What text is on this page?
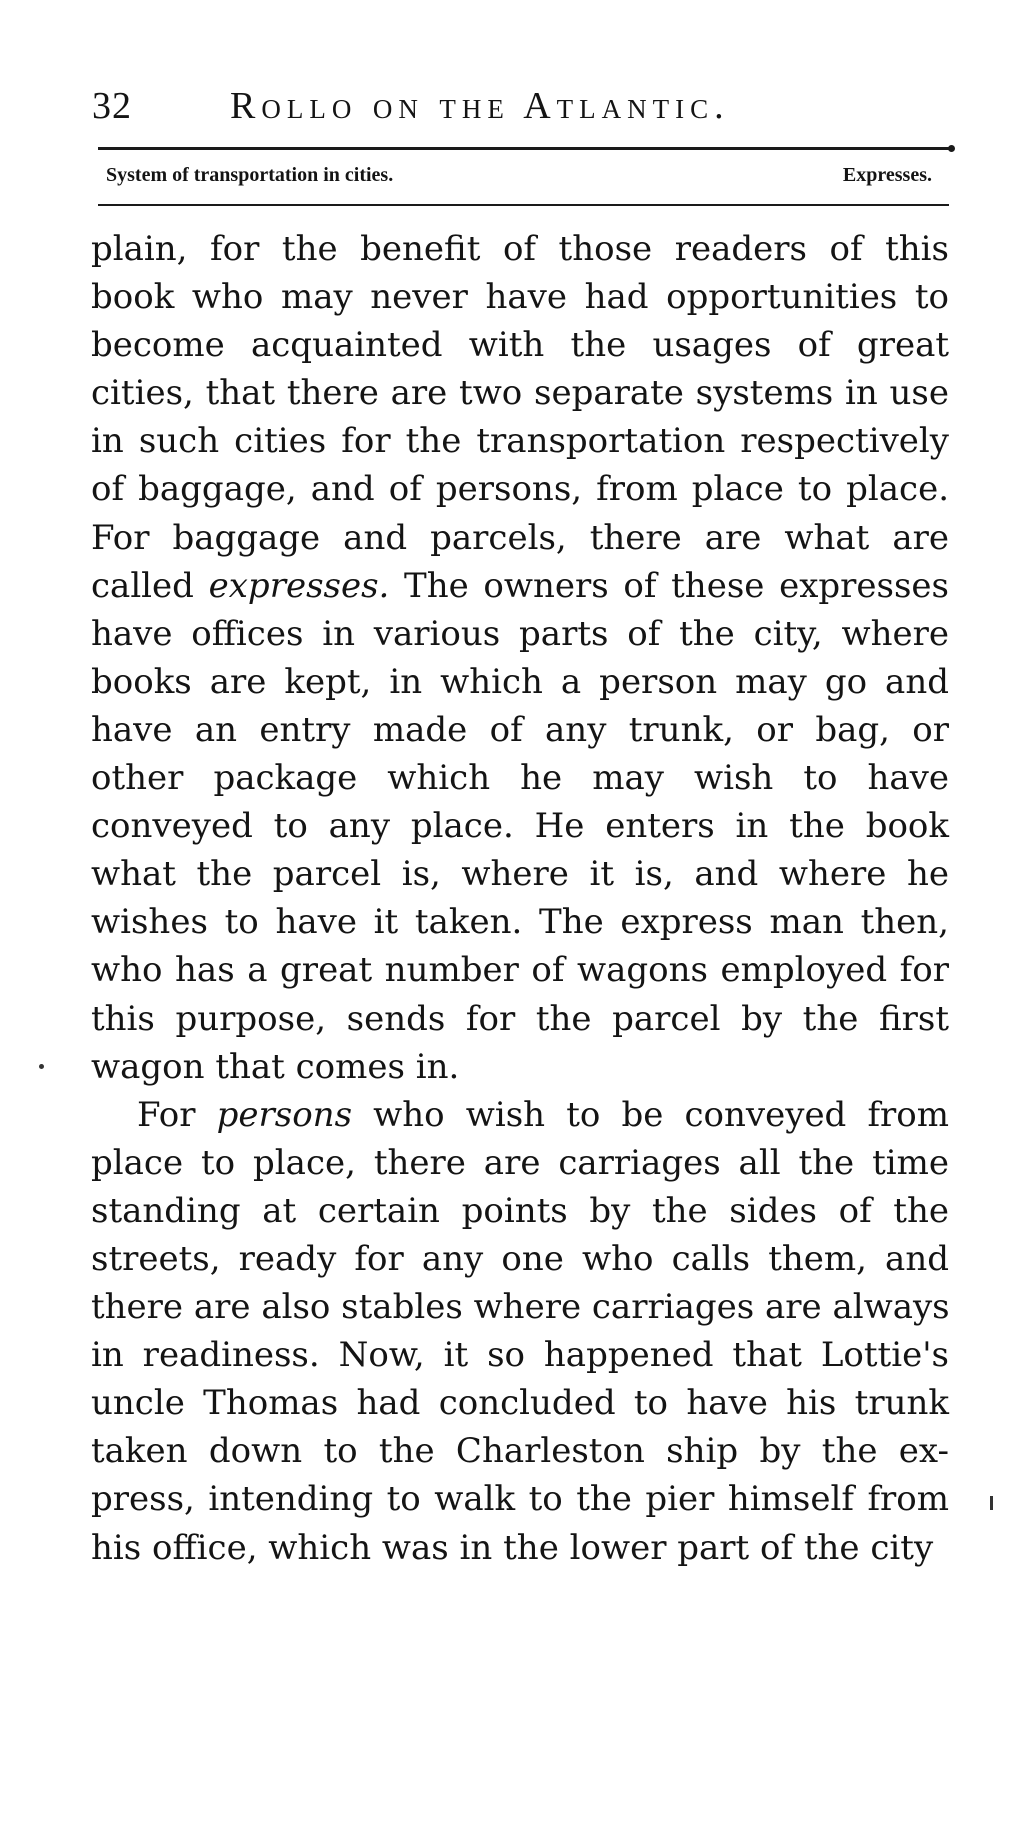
32	Rollo on the Atlantic.
System of transportation in cities.	Expresses.
plain, for the benefit of those readers of this
book who may never have had opportunities to
become acquainted with the usages of great
cities, that there are two separate systems in use
in such cities for the transportation respectively
of baggage, and of persons, from place to place.
For baggage and parcels, there are what are
called expresses. The owners of these expresses
have offices in various parts of the city, where
books are kept, in which a person may go and
have an entry made of any trunk, or bag, or
other package which he may wish to have
conveyed to any place. He enters in the book
what the parcel is, where it is, and where he
wishes to have it taken. The express man then,
who has a great number of wagons employed for
this purpose, sends for the parcel by the first
wagon that comes in.
For persons who wish to be conveyed from
place to place, there are carriages all the time
standing at certain points by the sides of the
streets, ready for any one who calls them, and
there are also stables where carriages are always
in readiness. Now, it so happened that Lottie's
uncle Thomas had concluded to have his trunk
taken down to the Charleston ship by the ex-
press, intending to walk to the pier himself from
his office, which was in the lower part of the city
